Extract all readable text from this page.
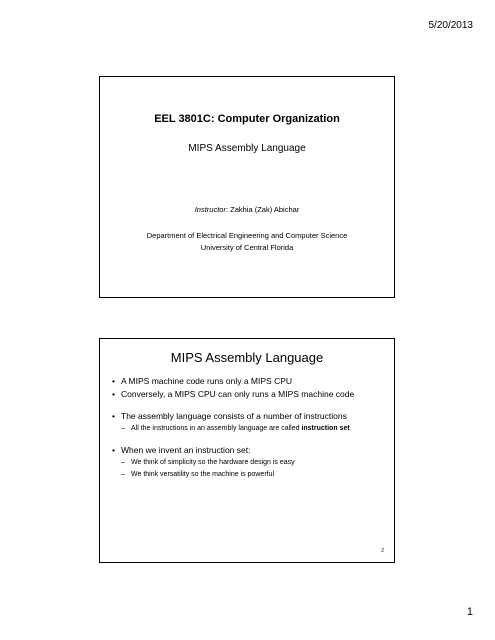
5/20/2013
EEL 3801C: Computer Organization
MIPS Assembly Language
Instructor: Zakhia (Zak) Abichar
Department of Electrical Engineering and Computer Science
University of Central Florida
MIPS Assembly Language
• A MIPS machine code runs only a MIPS CPU
• Conversely, a MIPS CPU can only runs a MIPS machine code
• The assembly language consists of a number of instructions
– All the instructions in an assembly language are called instruction set
• When we invent an instruction set:
– We think of simplicity so the hardware design is easy
– We think versatility so the machine is powerful
2
1
